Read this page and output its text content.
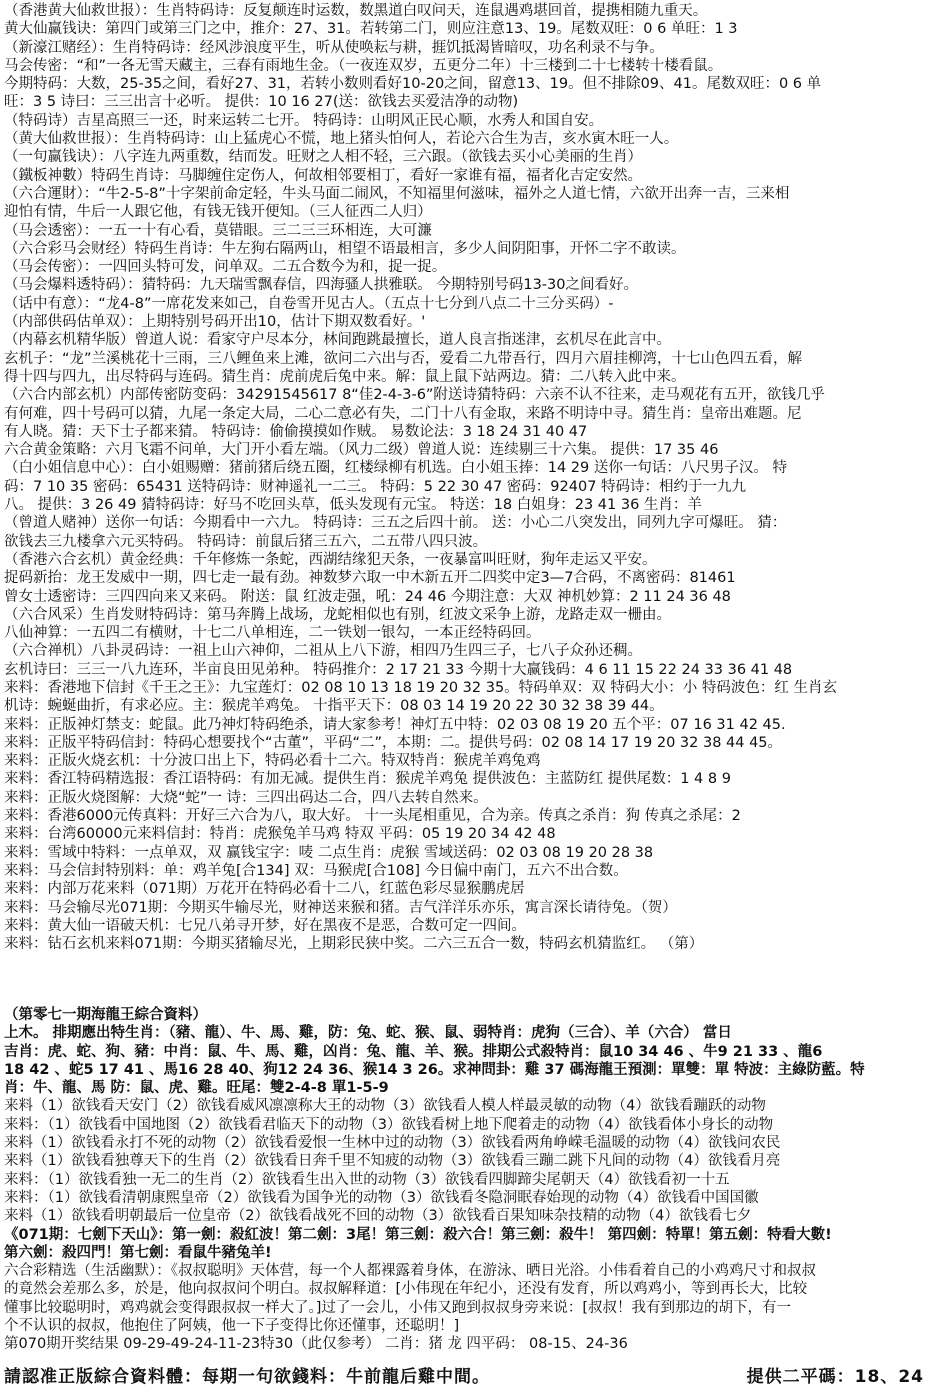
（香港黄大仙救世报）：生肖特码诗：反复颠连时运数，数黑道白叹问天，连鼠遇鸡堪回首，提携相随九重天。
黄大仙赢钱诀：第四门或第三门之中，推介：27、31。若转第二门，则应注意13、19。尾数双旺：0 6 单旺：1 3
（新濠江赌经）：生肖特码诗：经风涉浪度平生，听从使唤耘与耕，捱饥抵渴皆暗叹，功名利录不与争。
马会传密：“和”一各无雪天藏主，三春有雨地生金。（一夜连双岁，五更分二年）十三楼到二十七楼转十楼看鼠。
今期特码：大数，25-35之间，看好27、31，若转小数则看好10-20之间，留意13、19。但不排除09、41。尾数双旺：0 6 单
旺：3 5 诗曰：三三出言十必听。 提供：10 16 27(送：欲钱去买爱洁净的动物)
（特码诗）吉星高照三一还，时来运转二七开。 特码诗：山明风正民心顺，水秀人和国自安。
（黄大仙救世报）：生肖特码诗：山上猛虎心不慌，地上猪头怕何人，若论六合生为吉，亥水寅木旺一人。
（一句赢钱诀）：八字连九两重数，结而发。旺财之人相不轻，三六跟。（欲钱去买小心美丽的生肖）
（鐵板神數）特码生肖诗：马脚缠住定伤人，何故相邻要相丁，看好一家谁有福，福者化吉定安然。
（六合運財）：“牛2-5-8”十字架前命定轻，牛头马面二闹风，不知福里何滋味，福外之人道七情，六欲开出奔一吉，三来相
迎怕有情，牛后一人跟它他，有钱无钱开便知。（三人征西二人归）
（马会透密）：一五一十有心看，莫错眼。三二三三环相连，大可濂
（六合彩马会财经）特码生肖诗：牛左狗右隔两山，相望不语最相言，多少人间阴阳事，开怀二字不敢读。
（马会传密）：一四回头特可发，问单双。二五合数今为和，捉一捉。
（马会爆料透特码）：猜特码：九天瑞雪飘春信，四海骚人拱雅联。 今期特别号码13-30之间看好。
（话中有意）：“龙4-8”一席花发来如己，自卷雪开见古人。（五点十七分到八点二十三分买码）-
（内部供码估单双）：上期特别号码开出10，估计下期双数看好。'
（内幕玄机精华版）曾道人说：看家守户尽本分，林间跑跳最擅长，道人良言指迷津，玄机尽在此言中。
玄机子：“龙”兰溪桃花十三雨，三八鲤鱼来上滩，欲问二六出与否，爱看二九带吾行，四月六眉挂柳湾，十七山色四五看，解
得十四与四九，出尽特码与连码。猜生肖：虎前虎后兔中来。解：鼠上鼠下站两边。猜：二八转入此中来。
（六合内部玄机）内部传密防变码：34291545617 8“佳2-4-3-6”附送诗猜特码：六亲不认不往来，走马观花有五开，欲钱几乎
有何难，四十号码可以猜，九尾一条定大局，二心二意必有失，二门十八有金取，来路不明诗中寻。猜生肖：皇帝出难题。尼
有人晓。猜：天下士子都来猜。 特码诗：偷偷摸摸如作贼。 易数论法：3 18 24 31 40 47
六合黄金策略：六月飞霜不问单，大门开小看左端。（风力二级）曾道人说：连续剔三十六集。 提供：17 35 46
（白小姐信息中心）：白小姐赐赠：猪前猪后绕五圈，红楼绿柳有机选。白小姐玉捧：14 29 送你一句话：八尺男子汉。 特
码：7 10 35 密码：65431 送特码诗：财神遥礼一二三。 特码：5 22 30 47 密码：92407 特码诗：相约于一九九
八。 提供：3 26 49 猜特码诗：好马不吃回头草，低头发现有元宝。 特送：18 白姐身：23 41 36 生肖：羊
（曾道人赌神）送你一句话：今期看中一六九。 特码诗：三五之后四十前。 送：小心二八突发出，同列九字可爆旺。 猜：
欲钱去三九楼拿六元买特码。 特码诗：前鼠后猪三五六，二五带八四只波。
（香港六合玄机）黄金经典：千年修炼一条蛇，西湖结缘犯天条，一夜暴富叫旺财，狗年走运又平安。
捉码新抬：龙王发威中一期，四七走一最有劲。神数梦六取一中木新五开二四奖中定3—7合码，不离密码：81461
曾女士透密诗：三四四向来又来码。 附送：鼠 红波走强，吼：24 46 今期注意：大双 神机妙算：2 11 24 36 48
（六合风采）生肖发财特码诗：第马奔腾上战场，龙蛇相似也有别，红波文采争上游，龙路走双一栅由。
八仙神算：一五四二有横财，十七二八单相连，二一铁划一银勾，一本正经特码回。
（六合禅机）八卦灵码诗：一祖上山六神仰，二祖从上八下游，相四乃生四三子，七八子众孙还稠。
玄机诗曰：三三一八九连环，半亩良田见弟种。 特码推介：2 17 21 33 今期十大赢钱码：4 6 11 15 22 24 33 36 41 48
来料：香港地下信封《千王之王》：九宝莲灯：02 08 10 13 18 19 20 32 35。特码单双：双 特码大小：小 特码波色：红 生肖玄
机诗：蜿蜒曲折，有求必应。主：猴虎羊鸡兔。 十指平天下：08 03 14 19 20 22 30 32 38 39 44。
来料：正版神灯禁支：蛇鼠。此乃神灯特码绝杀，请大家参考！神灯五中特：02 03 08 19 20 五个平：07 16 31 42 45.
来料：正版平特码信封：特码心想要找个“古董”，平码“二”，本期：二。提供号码：02 08 14 17 19 20 32 38 44 45。
来料：正版火烧玄机：十分波口出上下，特码必看十二六。特双特肖：猴虎羊鸡兔鸡
来料：香江特码精选报：香江语特码：有加无减。提供生肖：猴虎羊鸡兔 提供波色：主蓝防红 提供尾数：1 4 8 9
来料：正版火烧图解：大烧“蛇”一 诗：三四出码达二合，四八去转自然来。
来料：香港6000元传真料：开好三六合为八，取大好。 十一头尾相重见，合为亲。传真之杀肖：狗 传真之杀尾：2
来料：台湾60000元来料信封：特肖：虎猴兔羊马鸡 特双 平码：05 19 20 34 42 48
来料：雪域中特料：一点单双，双 赢钱宝字：唛 二点生肖：虎猴 雪域送码：02 03 08 19 20 28 38
来料：马会信封特别料：单：鸡羊兔[合134] 双：马猴虎[合108] 今日偏中南门，五六不出合数。
来料：内部万花来料（071期）万花开在特码必看十二八，红蓝色彩尽显猴鹏虎居
来料：马会输尽光071期：今期买牛输尽光，财神送来猴和猪。吉气洋洋乐亦乐，寓言深长请待兔。（贺）
来料：黄大仙一语破天机：七兄八弟寻开梦，好在黑夜不是恶，合数可定一四间。
来料：钻石玄机来料071期：今期买猪输尽光，上期彩民狭中奖。二六三五合一数，特码玄机猜监红。 （第）
（第零七一期海龍王綜合資料）
上木。 排期應出特生肖：（豬、龍）、牛、馬、雞，防：兔、蛇、猴、鼠、弱特肖：虎狗（三合）、羊（六合） 當日
吉肖：虎、蛇、狗、豬：中肖：鼠、牛、馬、雞，凶肖：兔、龍、羊、猴。排期公式殺特肖：鼠10 34 46 、牛9 21 33 、龍6
18 42 、蛇5 17 41 、馬16 28 40、狗12 24 36、猴14 3 26。求神問卦：雞 37 碼海龍王預測：單雙：單 特波：主綠防藍。特
肖：牛、龍、馬 防：鼠、虎、雞。旺尾：雙2-4-8 單1-5-9
来料（1）欲钱看天安门（2）欲钱看威风凛凛称大王的动物（3）欲钱看人模人样最灵敏的动物（4）欲钱看蹦跃的动物
来料：（1）欲钱看中国地图（2）欲钱看君临天下的动物（3）欲钱看树上地下爬着走的动物（4）欲钱看体小身长的动物
来料（1）欲钱看永打不死的动物（2）欲钱看爱恨一生林中过的动物（3）欲钱看两角峥嵘毛温暖的动物（4）欲钱问农民
来料（1）欲钱看独尊天下的生肖（2）欲钱看日奔千里不知疲的动物（3）欲钱看三蹦二跳下凡间的动物（4）欲钱看月亮
来料：（1）欲钱看独一无二的生肖（2）欲钱看生出入世的动物（3）欲钱看四脚蹄尖尾朝天（4）欲钱看初一十五
来料：（1）欲钱看清朝康熙皇帝（2）欲钱看为国争光的动物（3）欲钱看冬隐洞眠春始现的动物（4）欲钱看中国国徽
来料（1）欲钱看明朝最后一位皇帝（2）欲钱看战死不回的动物（3）欲钱看百果知味杂技精的动物（4）欲钱看七夕
《071期：七劍下天山》：第一劍：殺紅波！第二劍：3尾！第三劍：殺六合！第三劍：殺牛！ 第四劍：特單！第五劍：特看大數!
第六劍：殺四門！第七劍：看鼠牛豬兔羊!
六合彩精选（生活幽默）：《叔叔聪明》天体营，每一个人都裸露着身体，在游泳、晒日光浴。小伟看着自己的小鸡鸡尺寸和叔叔
的竟然会差那么多，於是，他向叔叔问个明白。叔叔解释道：[小伟现在年纪小，还没有发育，所以鸡鸡小，等到再长大，比较
懂事比较聪明时，鸡鸡就会变得跟叔叔一样大了。]过了一会儿，小伟又跑到叔叔身旁来说：[叔叔！我有到那边的胡下，有一
个不认识的叔叔，他抱住了阿姨，他一下子变得比你还懂事，还聪明！]
第070期开奖结果 09-29-49-24-11-23特30（此仅参考） 二肖：猪 龙 四平码： 08-15、24-36
請認准正版綜合資料體：每期一句欲錢料：牛前龍后雞中間。	提供二平碼：18、24
